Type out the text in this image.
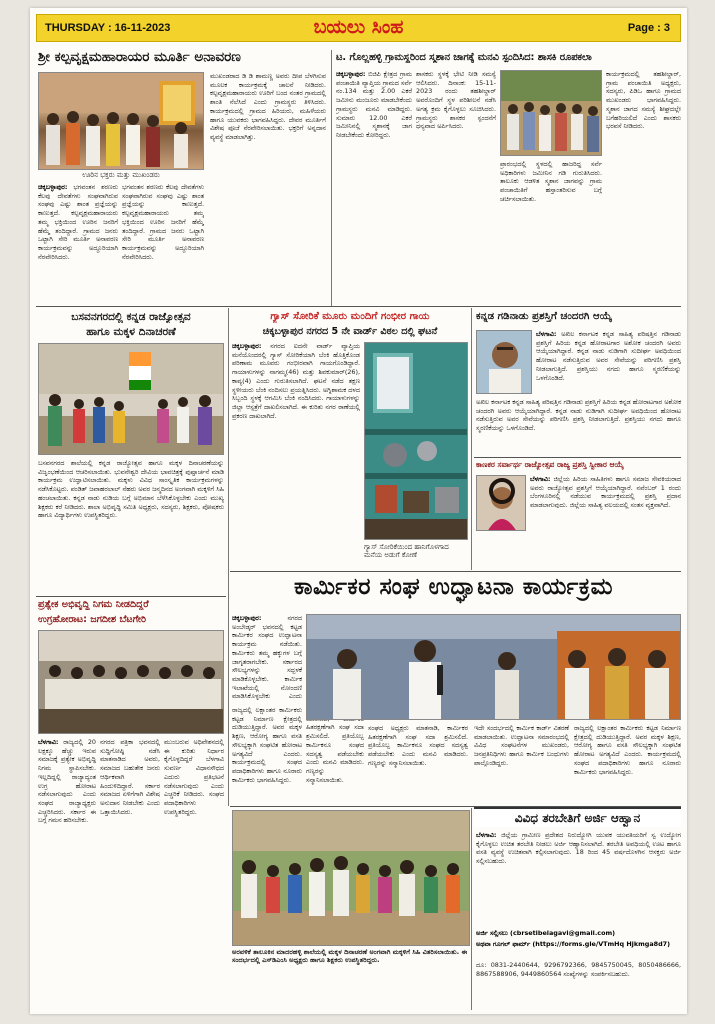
THURSDAY : 16-11-2023	ಬಯಲು ಸಿಂಹ	Page : 3
ಶ್ರೀ ಕಲ್ಪವೃಕ್ಷಮಹಾರಾಯರ ಮೂರ್ತಿ ಅನಾವರಣ
ಊರಿನ ಭಕ್ತರು ಮತ್ತು ಮುಖಂಡರು
ಚಿಕ್ಕಬಳ್ಳಾಪುರ: ಭಗವಂತನ ಶರಣರು ಕೆಲವು ದೇವತೆಗಳು ಸಂಘವಾಗಿರುವ ಸಂಘವು ಎಷ್ಟು ಶಾಂತ ಪ್ರಜ್ಞೆಯನ್ನು ಕಾಣುತ್ತದೆ. ಕಲ್ಪವೃಕ್ಷಮಹಾರಾಯರು ತಮ್ಮ ಭಕ್ತಿಯಿಂದ ಊರಿನ ಜನರಿಗೆ ಹೆಮ್ಮೆ ತಂದಿದ್ದಾರೆ. ಗ್ರಾಮದ ಜನರು ಒಟ್ಟಾಗಿ ಸೇರಿ ಮೂರ್ತಿ ಅನಾವರಣ ಕಾರ್ಯಕ್ರಮವನ್ನು ಅದ್ದೂರಿಯಾಗಿ ನೆರವೇರಿಸಿದರು.
ಭಗವಂತನ ಶರಣರು ಕೆಲವು ದೇವತೆಗಳು ಸಂಘವಾಗಿರುವ ಸಂಘವು ಎಷ್ಟು ಶಾಂತ ಪ್ರಜ್ಞೆಯನ್ನು ಕಾಣುತ್ತದೆ. ಕಲ್ಪವೃಕ್ಷಮಹಾರಾಯರು ತಮ್ಮ ಭಕ್ತಿಯಿಂದ ಊರಿನ ಜನರಿಗೆ ಹೆಮ್ಮೆ ತಂದಿದ್ದಾರೆ. ಗ್ರಾಮದ ಜನರು ಒಟ್ಟಾಗಿ ಸೇರಿ ಮೂರ್ತಿ ಅನಾವರಣ ಕಾರ್ಯಕ್ರಮವನ್ನು ಅದ್ದೂರಿಯಾಗಿ ನೆರವೇರಿಸಿದರು.
ಮುಖಂಡರಾದ ಡಿ ಡಿ ಶಾಮಣ್ಣ ಅವರು ದೀಪ ಬೆಳಗಿಸುವ ಮೂಲಕ ಕಾರ್ಯಕ್ರಮಕ್ಕೆ ಚಾಲನೆ ನೀಡಿದರು. ಕಲ್ಪವೃಕ್ಷಮಹಾರಾಯರು ಊರಿಗೆ ಬಂದ ನಂತರ ಗ್ರಾಮದಲ್ಲಿ ಶಾಂತಿ ನೆಲೆಸಿದೆ ಎಂದು ಗ್ರಾಮಸ್ಥರು ತಿಳಿಸಿದರು. ಕಾರ್ಯಕ್ರಮದಲ್ಲಿ ಗ್ರಾಮದ ಹಿರಿಯರು, ಮಹಿಳೆಯರು ಹಾಗೂ ಯುವಕರು ಭಾಗವಹಿಸಿದ್ದರು. ದೇವರ ಮೂರ್ತಿಗೆ ವಿಶೇಷ ಪೂಜೆ ನೆರವೇರಿಸಲಾಯಿತು. ಭಕ್ತರಿಗೆ ಅನ್ನದಾನ ವ್ಯವಸ್ಥೆ ಮಾಡಲಾಗಿತ್ತು.
ಟ. ಗೊಲ್ಲಹಳ್ಳಿ ಗ್ರಾಮಸ್ಥರಿಂದ ಸ್ಮಶಾನ ಜಾಗಕ್ಕೆ ಮನವಿ ಸ್ಪಂದಿಸಿದ: ಶಾಸಕಿ ರೂಪಕಲಾ
ಚಿಕ್ಕಬಳ್ಳಾಪುರ: ಬಿಜಿಪಿ ಕ್ಷೇತ್ರದ ಗ್ರಾಮ ಪಂಚಾಯಿತಿ ವ್ಯಾಪ್ತಿಯ ಗ್ರಾಮದ ಸರ್ವೆ ನಂ.134 ಮತ್ತು 2.00 ಎಕರೆ ಜಮೀನು ಮಂಜೂರು ಮಾಡಬೇಕೆಂದು ಗ್ರಾಮಸ್ಥರು ಮನವಿ ಮಾಡಿದ್ದರು. ಸುಮಾರು 12.00 ಎಕರೆ ಜಮೀನಿನಲ್ಲಿ ಸ್ಮಶಾನಕ್ಕೆ ಜಾಗ ನೀಡಬೇಕೆಂದು ಕೋರಿದ್ದರು.
ಶಾಸಕರು ಸ್ಥಳಕ್ಕೆ ಭೇಟಿ ನೀಡಿ ಸಮಸ್ಯೆ ಆಲಿಸಿದರು. ದಿನಾಂಕ: 15-11-2023 ರಂದು ತಹಶೀಲ್ದಾರ್ ಅವರೊಂದಿಗೆ ಸ್ಥಳ ಪರಿಶೀಲನೆ ನಡೆಸಿ ಅಗತ್ಯ ಕ್ರಮ ಕೈಗೊಳ್ಳಲು ಸೂಚಿಸಿದರು. ಗ್ರಾಮಸ್ಥರು ಶಾಸಕರ ಸ್ಪಂದನೆಗೆ ಧನ್ಯವಾದ ಅರ್ಪಿಸಿದರು.
ಪ್ರಾರಂಭದಲ್ಲಿ ಸ್ಥಳದಲ್ಲಿ ಹಾಜರಿದ್ದ ಸರ್ವೆ ಅಧಿಕಾರಿಗಳು ಜಮೀನಿನ ಗಡಿ ಗುರುತಿಸಿದರು. ತಾಲೂಕು ಆಡಳಿತ ಸ್ಮಶಾನ ಜಾಗವನ್ನು ಗ್ರಾಮ ಪಂಚಾಯಿತಿಗೆ ಹಸ್ತಾಂತರಿಸುವ ಬಗ್ಗೆ ಚರ್ಚಿಸಲಾಯಿತು.
ಕಾರ್ಯಕ್ರಮದಲ್ಲಿ ತಹಶೀಲ್ದಾರ್, ಗ್ರಾಮ ಪಂಚಾಯಿತಿ ಅಧ್ಯಕ್ಷರು, ಸದಸ್ಯರು, ಪಿಡಿಒ ಹಾಗೂ ಗ್ರಾಮದ ಮುಖಂಡರು ಭಾಗವಹಿಸಿದ್ದರು. ಸ್ಮಶಾನ ಜಾಗದ ಸಮಸ್ಯೆ ಶೀಘ್ರದಲ್ಲೇ ಬಗೆಹರಿಯಲಿದೆ ಎಂದು ಶಾಸಕರು ಭರವಸೆ ನೀಡಿದರು.
ಬಸವನಗರದಲ್ಲಿ ಕನ್ನಡ ರಾಜ್ಯೋತ್ಸವ
ಹಾಗೂ ಮಕ್ಕಳ ದಿನಾಚರಣೆ
ಬಸವನಗರದ ಶಾಲೆಯಲ್ಲಿ ಕನ್ನಡ ರಾಜ್ಯೋತ್ಸವ ಹಾಗೂ ಮಕ್ಕಳ ದಿನಾಚರಣೆಯನ್ನು ವಿಜೃಂಭಣೆಯಿಂದ ಆಚರಿಸಲಾಯಿತು. ಭುವನೇಶ್ವರಿ ದೇವಿಯ ಭಾವಚಿತ್ರಕ್ಕೆ ಪುಷ್ಪಾರ್ಚನೆ ಮಾಡಿ ಕಾರ್ಯಕ್ರಮ ಉದ್ಘಾಟಿಸಲಾಯಿತು. ಮಕ್ಕಳು ವಿವಿಧ ಸಾಂಸ್ಕೃತಿಕ ಕಾರ್ಯಕ್ರಮಗಳನ್ನು ನಡೆಸಿಕೊಟ್ಟರು. ಪಂಡಿತ್ ಜವಾಹರಲಾಲ್ ನೆಹರು ಅವರ ಜನ್ಮದಿನದ ಅಂಗವಾಗಿ ಮಕ್ಕಳಿಗೆ ಸಿಹಿ ಹಂಚಲಾಯಿತು. ಕನ್ನಡ ನಾಡು ನುಡಿಯ ಬಗ್ಗೆ ಅಭಿಮಾನ ಬೆಳೆಸಿಕೊಳ್ಳಬೇಕು ಎಂದು ಮುಖ್ಯ ಶಿಕ್ಷಕರು ಕರೆ ನೀಡಿದರು. ಶಾಲಾ ಅಭಿವೃದ್ಧಿ ಸಮಿತಿ ಅಧ್ಯಕ್ಷರು, ಸದಸ್ಯರು, ಶಿಕ್ಷಕರು, ಪೋಷಕರು ಹಾಗೂ ವಿದ್ಯಾರ್ಥಿಗಳು ಉಪಸ್ಥಿತರಿದ್ದರು.
ಗ್ಯಾಸ್ ಸೋರಿಕೆ ಮೂರು ಮಂದಿಗೆ ಗಂಭೀರ ಗಾಯ
ಚಿಕ್ಕಬಳ್ಳಾಪುರ ನಗರದ 5 ನೇ ವಾರ್ಡ್ ವಿಠಲ ದಲ್ಲಿ ಘಟನೆ
ಚಿಕ್ಕಬಳ್ಳಾಪುರ: ನಗರದ ಐದನೇ ವಾರ್ಡ್ ವ್ಯಾಪ್ತಿಯ ಮನೆಯೊಂದರಲ್ಲಿ ಗ್ಯಾಸ್ ಸೋರಿಕೆಯಾಗಿ ಬೆಂಕಿ ಹೊತ್ತಿಕೊಂಡ ಪರಿಣಾಮ ಮೂವರು ಗಂಭೀರವಾಗಿ ಗಾಯಗೊಂಡಿದ್ದಾರೆ. ಗಾಯಾಳುಗಳನ್ನು ನಾಗಮ್ಮ(46) ಮತ್ತು ಶಿವಕುಮಾರ್(26), ಕಾವ್ಯ(4) ಎಂದು ಗುರುತಿಸಲಾಗಿದೆ. ಘಟನೆ ನಡೆದ ತಕ್ಷಣ ಸ್ಥಳೀಯರು ಬೆಂಕಿ ನಂದಿಸಲು ಪ್ರಯತ್ನಿಸಿದರು. ಅಗ್ನಿಶಾಮಕ ದಳದ ಸಿಬ್ಬಂದಿ ಸ್ಥಳಕ್ಕೆ ಆಗಮಿಸಿ ಬೆಂಕಿ ನಂದಿಸಿದರು. ಗಾಯಾಳುಗಳನ್ನು ಜಿಲ್ಲಾ ಆಸ್ಪತ್ರೆಗೆ ದಾಖಲಿಸಲಾಗಿದೆ. ಈ ಕುರಿತು ನಗರ ಠಾಣೆಯಲ್ಲಿ ಪ್ರಕರಣ ದಾಖಲಾಗಿದೆ.
ಗ್ಯಾಸ್ ಸೋರಿಕೆಯಿಂದ ಹಾನಿಗೊಳಗಾದ ಮನೆಯ ಅಡುಗೆ ಕೋಣೆ
ಕನ್ನಡ ಗಡಿನಾಡು ಪ್ರಶಸ್ತಿಗೆ ಚಂದರಗಿ ಆಯ್ಕೆ
ಬೆಳಗಾವಿ: ಅಖಿಲ ಕರ್ನಾಟಕ ಕನ್ನಡ ಸಾಹಿತ್ಯ ಪರಿಷತ್ತಿನ ಗಡಿನಾಡು ಪ್ರಶಸ್ತಿಗೆ ಹಿರಿಯ ಕನ್ನಡ ಹೋರಾಟಗಾರ ಅಶೋಕ ಚಂದರಗಿ ಅವರು ಆಯ್ಕೆಯಾಗಿದ್ದಾರೆ. ಕನ್ನಡ ನಾಡು ನುಡಿಗಾಗಿ ಸುದೀರ್ಘ ಅವಧಿಯಿಂದ ಹೋರಾಟ ನಡೆಸುತ್ತಿರುವ ಅವರ ಸೇವೆಯನ್ನು ಪರಿಗಣಿಸಿ ಪ್ರಶಸ್ತಿ ನೀಡಲಾಗುತ್ತಿದೆ. ಪ್ರಶಸ್ತಿಯು ನಗದು ಹಾಗೂ ಸ್ಮರಣಿಕೆಯನ್ನು ಒಳಗೊಂಡಿದೆ.
ಅಖಿಲ ಕರ್ನಾಟಕ ಕನ್ನಡ ಸಾಹಿತ್ಯ ಪರಿಷತ್ತಿನ ಗಡಿನಾಡು ಪ್ರಶಸ್ತಿಗೆ ಹಿರಿಯ ಕನ್ನಡ ಹೋರಾಟಗಾರ ಅಶೋಕ ಚಂದರಗಿ ಅವರು ಆಯ್ಕೆಯಾಗಿದ್ದಾರೆ. ಕನ್ನಡ ನಾಡು ನುಡಿಗಾಗಿ ಸುದೀರ್ಘ ಅವಧಿಯಿಂದ ಹೋರಾಟ ನಡೆಸುತ್ತಿರುವ ಅವರ ಸೇವೆಯನ್ನು ಪರಿಗಣಿಸಿ ಪ್ರಶಸ್ತಿ ನೀಡಲಾಗುತ್ತಿದೆ. ಪ್ರಶಸ್ತಿಯು ನಗದು ಹಾಗೂ ಸ್ಮರಣಿಕೆಯನ್ನು ಒಳಗೊಂಡಿದೆ.
ಕಾಣಕರ ಸರ್ವಾರ್ಥ ರಾಜ್ಯೋತ್ಸವ ರಾಜ್ಯ ಪ್ರಶಸ್ತಿ ಸ್ವೀಕಾರ ಆಯ್ಕೆ
ಬೆಳಗಾವಿ: ಜಿಲ್ಲೆಯ ಹಿರಿಯ ಸಾಹಿತಿಗಳು ಹಾಗೂ ಸಮಾಜ ಸೇವಕಿಯರಾದ ಅವರು ರಾಜ್ಯೋತ್ಸವ ಪ್ರಶಸ್ತಿಗೆ ಆಯ್ಕೆಯಾಗಿದ್ದಾರೆ. ನವೆಂಬರ್ 1 ರಂದು ಬೆಂಗಳೂರಿನಲ್ಲಿ ನಡೆಯುವ ಕಾರ್ಯಕ್ರಮದಲ್ಲಿ ಪ್ರಶಸ್ತಿ ಪ್ರದಾನ ಮಾಡಲಾಗುವುದು. ಜಿಲ್ಲೆಯ ಸಾಹಿತ್ಯ ವಲಯದಲ್ಲಿ ಸಂತಸ ವ್ಯಕ್ತವಾಗಿದೆ.
ಕಾರ್ಮಿಕರ ಸಂಘ ಉದ್ಘಾಟನಾ ಕಾರ್ಯಕ್ರಮ
ಚಿಕ್ಕಬಳ್ಳಾಪುರ:	ನಗರದ ಅಂಬೇಡ್ಕರ್ ಭವನದಲ್ಲಿ ಕಟ್ಟಡ ಕಾರ್ಮಿಕರ ಸಂಘದ ಉದ್ಘಾಟನಾ ಕಾರ್ಯಕ್ರಮ ನಡೆಯಿತು. ಕಾರ್ಮಿಕರು ತಮ್ಮ ಹಕ್ಕುಗಳ ಬಗ್ಗೆ ಜಾಗೃತರಾಗಬೇಕು. ಸರ್ಕಾರದ ಸೌಲಭ್ಯಗಳನ್ನು ಸದ್ಬಳಕೆ ಮಾಡಿಕೊಳ್ಳಬೇಕು. ಕಾರ್ಮಿಕ ಇಲಾಖೆಯಲ್ಲಿ ನೋಂದಣಿ ಮಾಡಿಸಿಕೊಳ್ಳಬೇಕು ಎಂದು
ರಾಜ್ಯದಲ್ಲಿ ಲಕ್ಷಾಂತರ ಕಾರ್ಮಿಕರು ಕಟ್ಟಡ ನಿರ್ಮಾಣ ಕ್ಷೇತ್ರದಲ್ಲಿ ದುಡಿಯುತ್ತಿದ್ದಾರೆ. ಅವರ ಮಕ್ಕಳ ಶಿಕ್ಷಣ, ಆರೋಗ್ಯ ಹಾಗೂ ವಸತಿ ಸೌಲಭ್ಯಕ್ಕಾಗಿ ಸಂಘಟಿತ ಹೋರಾಟ ಅಗತ್ಯವಿದೆ ಎಂದರು. ಕಾರ್ಯಕ್ರಮದಲ್ಲಿ ಸಂಘದ ಪದಾಧಿಕಾರಿಗಳು ಹಾಗೂ ನೂರಾರು ಕಾರ್ಮಿಕರು ಭಾಗವಹಿಸಿದ್ದರು.
ಹಿತರಕ್ಷಣೆಗಾಗಿ ಸಂಘ ಸದಾ ಶ್ರಮಿಸಲಿದೆ. ಪ್ರತಿಯೊಬ್ಬ ಕಾರ್ಮಿಕನೂ ಸಂಘದ ಸದಸ್ಯತ್ವ ಪಡೆಯಬೇಕು ಎಂದು ಮನವಿ ಮಾಡಿದರು. ಗಣ್ಯರನ್ನು ಸನ್ಮಾನಿಸಲಾಯಿತು.
ಸಂಘದ ಅಧ್ಯಕ್ಷರು ಮಾತನಾಡಿ, ಕಾರ್ಮಿಕರ ಹಿತರಕ್ಷಣೆಗಾಗಿ ಸಂಘ ಸದಾ ಶ್ರಮಿಸಲಿದೆ. ಪ್ರತಿಯೊಬ್ಬ ಕಾರ್ಮಿಕನೂ ಸಂಘದ ಸದಸ್ಯತ್ವ ಪಡೆಯಬೇಕು ಎಂದು ಮನವಿ ಮಾಡಿದರು. ಗಣ್ಯರನ್ನು ಸನ್ಮಾನಿಸಲಾಯಿತು.
ಇದೇ ಸಂದರ್ಭದಲ್ಲಿ ಕಾರ್ಮಿಕ ಕಾರ್ಡ್ ವಿತರಣೆ ಮಾಡಲಾಯಿತು. ಉದ್ಘಾಟನಾ ಸಮಾರಂಭದಲ್ಲಿ ವಿವಿಧ ಸಂಘಟನೆಗಳ ಮುಖಂಡರು, ಜನಪ್ರತಿನಿಧಿಗಳು ಹಾಗೂ ಕಾರ್ಮಿಕ ಬಂಧುಗಳು ಪಾಲ್ಗೊಂಡಿದ್ದರು.
ರಾಜ್ಯದಲ್ಲಿ ಲಕ್ಷಾಂತರ ಕಾರ್ಮಿಕರು ಕಟ್ಟಡ ನಿರ್ಮಾಣ ಕ್ಷೇತ್ರದಲ್ಲಿ ದುಡಿಯುತ್ತಿದ್ದಾರೆ. ಅವರ ಮಕ್ಕಳ ಶಿಕ್ಷಣ, ಆರೋಗ್ಯ ಹಾಗೂ ವಸತಿ ಸೌಲಭ್ಯಕ್ಕಾಗಿ ಸಂಘಟಿತ ಹೋರಾಟ ಅಗತ್ಯವಿದೆ ಎಂದರು. ಕಾರ್ಯಕ್ರಮದಲ್ಲಿ ಸಂಘದ ಪದಾಧಿಕಾರಿಗಳು ಹಾಗೂ ನೂರಾರು ಕಾರ್ಮಿಕರು ಭಾಗವಹಿಸಿದ್ದರು.
ಪ್ರತ್ಯೇಕ ಅಭಿವೃದ್ಧಿ ನಿಗಮ ನೀಡದಿದ್ದರೆ
ಉಗ್ರಹೋರಾಟ: ಜಗದೀಶ ಬೆಟಗೇರಿ
ಬೆಳಗಾವಿ: ರಾಜ್ಯದಲ್ಲಿ 20 ಲಕ್ಷಕ್ಕೂ ಹೆಚ್ಚು ಇರುವ ಸಮಾಜಕ್ಕೆ ಪ್ರತ್ಯೇಕ ಅಭಿವೃದ್ಧಿ ನಿಗಮ ಸ್ಥಾಪಿಸಬೇಕು. ಇಲ್ಲದಿದ್ದಲ್ಲಿ ರಾಜ್ಯಾದ್ಯಂತ ಉಗ್ರ ಹೋರಾಟ ನಡೆಸಲಾಗುವುದು ಎಂದು ಸಂಘದ ರಾಜ್ಯಾಧ್ಯಕ್ಷರು ಎಚ್ಚರಿಸಿದರು. ಸರ್ಕಾರ ಈ ಬಗ್ಗೆ ಗಮನ ಹರಿಸಬೇಕು.
ನಗರದ ಪತ್ರಿಕಾ ಭವನದಲ್ಲಿ ಸುದ್ದಿಗೋಷ್ಠಿ ನಡೆಸಿ ಮಾತನಾಡಿದ ಅವರು, ಸಮಾಜದ ಬಹುತೇಕ ಜನರು ಆರ್ಥಿಕವಾಗಿ ಹಿಂದುಳಿದಿದ್ದಾರೆ. ಸರ್ಕಾರ ಸಮಾಜದ ಏಳಿಗೆಗಾಗಿ ವಿಶೇಷ ಅನುದಾನ ನೀಡಬೇಕು ಎಂದು ಒತ್ತಾಯಿಸಿದರು.
ಮುಂಬರುವ ಅಧಿವೇಶನದಲ್ಲಿ ಈ ಕುರಿತು ನಿರ್ಧಾರ ಕೈಗೊಳ್ಳದಿದ್ದರೆ ಬೆಳಗಾವಿ ಸುವರ್ಣ ವಿಧಾನಸೌಧದ ಎದುರು ಪ್ರತಿಭಟನೆ ನಡೆಸಲಾಗುವುದು ಎಂದು ಎಚ್ಚರಿಕೆ ನೀಡಿದರು. ಸಂಘದ ಪದಾಧಿಕಾರಿಗಳು ಉಪಸ್ಥಿತರಿದ್ದರು.
ಅರವಳಿಕೆ ತಾಲೂಕಿನ ಮಾದರಹಳ್ಳಿ ಶಾಲೆಯಲ್ಲಿ ಮಕ್ಕಳ ದಿನಾಚರಣೆ ಅಂಗವಾಗಿ ಮಕ್ಕಳಿಗೆ ಸಿಹಿ ವಿತರಿಸಲಾಯಿತು. ಈ ಸಂದರ್ಭದಲ್ಲಿ ಎಸ್‌ಡಿಎಂಸಿ ಅಧ್ಯಕ್ಷರು ಹಾಗೂ ಶಿಕ್ಷಕರು ಉಪಸ್ಥಿತರಿದ್ದರು.
ವಿವಿಧ ತರಬೇತಿಗೆ ಅರ್ಜಿ ಆಹ್ವಾನ
ಬೆಳಗಾವಿ: ಜಿಲ್ಲೆಯ ಗ್ರಾಮೀಣ ಪ್ರದೇಶದ ನಿರುದ್ಯೋಗಿ ಯುವಕ ಯುವತಿಯರಿಗೆ ಸ್ವ ಉದ್ಯೋಗ ಕೈಗೊಳ್ಳಲು ಉಚಿತ ತರಬೇತಿ ನೀಡಲು ಅರ್ಜಿ ಆಹ್ವಾನಿಸಲಾಗಿದೆ. ತರಬೇತಿ ಅವಧಿಯಲ್ಲಿ ಊಟ ಹಾಗೂ ವಸತಿ ವ್ಯವಸ್ಥೆ ಉಚಿತವಾಗಿ ಕಲ್ಪಿಸಲಾಗುವುದು. 18 ರಿಂದ 45 ವರ್ಷದೊಳಗಿನ ಆಸಕ್ತರು ಅರ್ಜಿ ಸಲ್ಲಿಸಬಹುದು.
ಅರ್ಜಿ ಸಲ್ಲಿಸಲು (cbrsetibelagavi@gmail.com)
ಅಥವಾ ಗೂಗಲ್ ಫಾರ್ಮ್ (https://forms.gle/VTmHq Hjkmga8d7)
ದೂ: 0831-2440644, 9296792366, 9845750045, 8050486666, 8867588906, 9449860564 ಸಂಖ್ಯೆಗಳನ್ನು ಸಂಪರ್ಕಿಸಬಹುದು.
